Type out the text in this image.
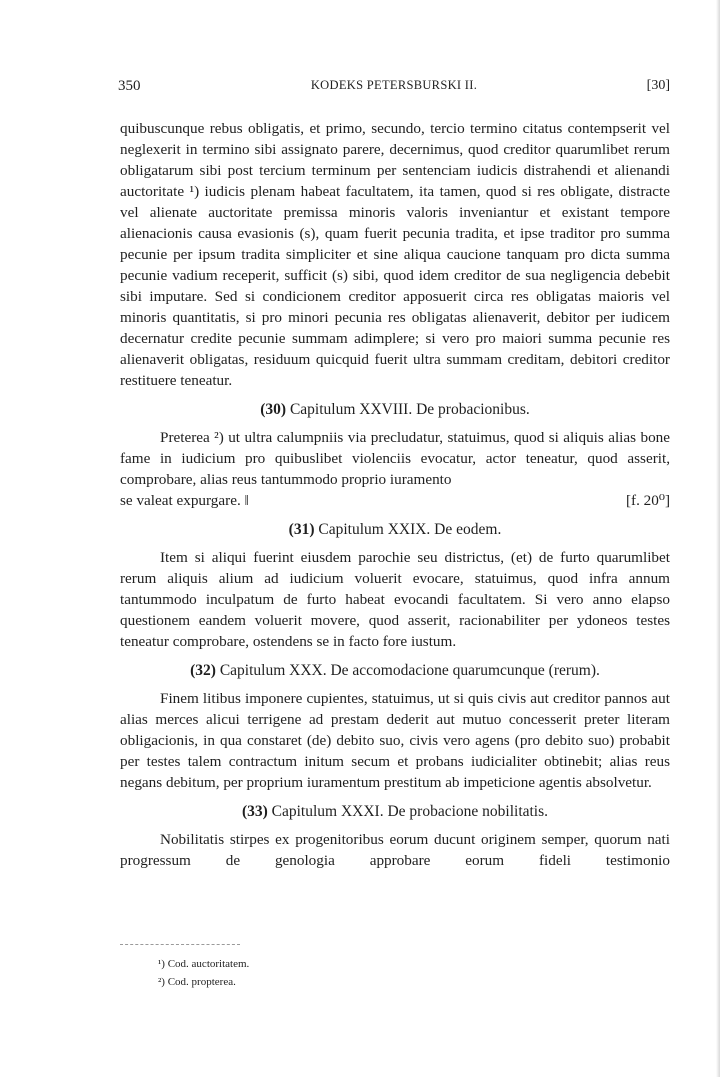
350	KODEKS PETERSBURSKI II.	[30]

quibuscunque rebus obligatis, et primo, secundo, tercio termino citatus contempserit vel neglexerit in termino sibi assignato parere, decernimus, quod creditor quarumlibet rerum obligatarum sibi post tercium terminum per sentenciam iudicis distrahendi et alienandi auctoritate ¹) iudicis plenam habeat facultatem, ita tamen, quod si res obligate, distracte vel alienate auctoritate premissa minoris valoris inveniantur et existant tempore alienacionis causa evasionis (s), quam fuerit pecunia tradita, et ipse traditor pro summa pecunie per ipsum tradita simpliciter et sine aliqua caucione tanquam pro dicta summa pecunie vadium receperit, sufficit (s) sibi, quod idem creditor de sua negligencia debebit sibi imputare. Sed si condicionem creditor apposuerit circa res obligatas maioris vel minoris quantitatis, si pro minori pecunia res obligatas alienaverit, debitor per iudicem decernatur credite pecunie summam adimplere; si vero pro maiori summa pecunie res alienaverit obligatas, residuum quicquid fuerit ultra summam creditam, debitori creditor restituere teneatur.

(30) Capitulum XXVIII. De probacionibus.

Preterea ²) ut ultra calumpniis via precludatur, statuimus, quod si aliquis alias bone fame in iudicium pro quibuslibet violenciis evocatur, actor teneatur, quod asserit, comprobare, alias reus tantummodo proprio iuramento

se valeat expurgare. ‖	[f. 20⁰]

(31) Capitulum XXIX. De eodem.

Item si aliqui fuerint eiusdem parochie seu districtus, (et) de furto quarumlibet rerum aliquis alium ad iudicium voluerit evocare, statuimus, quod infra annum tantummodo inculpatum de furto habeat evocandi facultatem. Si vero anno elapso questionem eandem voluerit movere, quod asserit, racionabiliter per ydoneos testes teneatur comprobare, ostendens se in facto fore iustum.

(32) Capitulum XXX. De accomodacione quarumcunque (rerum).

Finem litibus imponere cupientes, statuimus, ut si quis civis aut creditor pannos aut alias merces alicui terrigene ad prestam dederit aut mutuo concesserit preter literam obligacionis, in qua constaret (de) debito suo, civis vero agens (pro debito suo) probabit per testes talem contractum initum secum et probans iudicialiter obtinebit; alias reus negans debitum, per proprium iuramentum prestitum ab impeticione agentis absolvetur.

(33) Capitulum XXXI. De probacione nobilitatis.

Nobilitatis stirpes ex progenitoribus eorum ducunt originem semper, quorum nati progressum de genologia approbare eorum fideli testimonio

¹) Cod. auctoritatem.
²) Cod. propterea.
